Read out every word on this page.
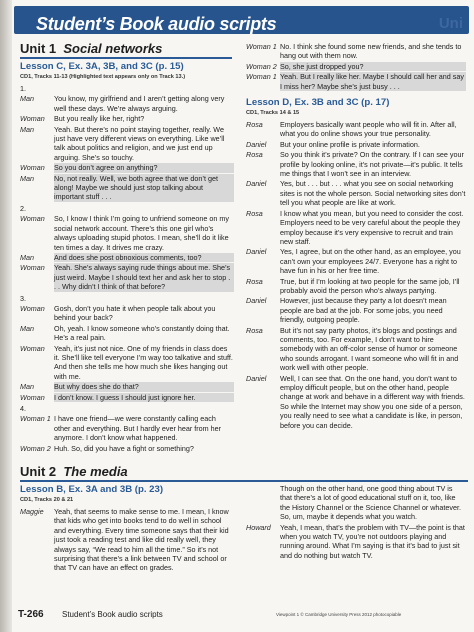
Student’s Book audio scripts	Uni
Unit 1 Social networks
Lesson C, Ex. 3A, 3B, and 3C (p. 15)
CD1, Tracks 11-13 (Highlighted text appears only on Track 13.)
1.
Man	You know, my girlfriend and I aren’t getting along very well these days. We’re always arguing.
Woman	But you really like her, right?
Man	Yeah. But there’s no point staying together, really. We just have very different views on everything. Like we’ll talk about politics and religion, and we just end up arguing. She’s so touchy.
Woman	So you don’t agree on anything?
Man	No, not really. Well, we both agree that we don’t get along! Maybe we should just stop talking about important stuff . . .
2.
Woman	So, I know I think I’m going to unfriend someone on my social network account. There’s this one girl who’s always uploading stupid photos. I mean, she’ll do it like ten times a day. It drives me crazy.
Man	And does she post obnoxious comments, too?
Woman	Yeah. She’s always saying rude things about me. She’s just weird. Maybe I should text her and ask her to stop . . . Why didn’t I think of that before?
3.
Woman	Gosh, don’t you hate it when people talk about you behind your back?
Man	Oh, yeah. I know someone who’s constantly doing that. He’s a real pain.
Woman	Yeah, it’s just not nice. One of my friends in class does it. She’ll like tell everyone I’m way too talkative and stuff. And then she tells me how much she likes hanging out with me.
Man	But why does she do that?
Woman	I don’t know. I guess I should just ignore her.
4.
Woman 1 I have one friend—we were constantly calling each other and everything. But I hardly ever hear from her anymore. I don’t know what happened.
Woman 2 Huh. So, did you have a fight or something?
Woman 1 No. I think she found some new friends, and she tends to hang out with them now.
Woman 2 So, she just dropped you?
Woman 1 Yeah. But I really like her. Maybe I should call her and say I miss her? Maybe she’s just busy . . .
Lesson D, Ex. 3B and 3C (p. 17)
CD1, Tracks 14 & 15
Rosa	Employers basically want people who will fit in. After all, what you do online shows your true personality.
Daniel	But your online profile is private information.
Rosa	So you think it’s private? On the contrary. If I can see your profile by looking online, it’s not private—it’s public. It tells me things that I won’t see in an interview.
Daniel	Yes, but . . . but . . . what you see on social networking sites is not the whole person. Social networking sites don’t tell you what people are like at work.
Rosa	I know what you mean, but you need to consider the cost. Employers need to be very careful about the people they employ because it’s very expensive to recruit and train new staff.
Daniel	Yes, I agree, but on the other hand, as an employee, you can’t own your employees 24/7. Everyone has a right to have fun in his or her free time.
Rosa	True, but if I’m looking at two people for the same job, I’ll probably avoid the person who’s always partying.
Daniel	However, just because they party a lot doesn’t mean people are bad at the job. For some jobs, you need friendly, outgoing people.
Rosa	But it’s not say party photos, it’s blogs and postings and comments, too. For example, I don’t want to hire somebody with an off-color sense of humor or someone who sounds arrogant. I want someone who will fit in and work well with other people.
Daniel	Well, I can see that. On the one hand, you don’t want to employ difficult people, but on the other hand, people change at work and behave in a different way with friends. So while the Internet may show you one side of a person, you really need to see what a candidate is like, in person, before you can decide.
Unit 2 The media
Lesson B, Ex. 3A and 3B (p. 23)
CD1, Tracks 20 & 21
Maggie	Yeah, that seems to make sense to me. I mean, I know that kids who get into books tend to do well in school and everything. Every time someone says that their kid just took a reading test and like did really well, they always say, “We read to him all the time.” So it’s not surprising that there’s a link between TV and school or that TV can have an effect on grades.
Though on the other hand, one good thing about TV is that there’s a lot of good educational stuff on it, too, like the History Channel or the Science Channel or whatever. So, um, maybe it depends what you watch.
Howard	Yeah, I mean, that’s the problem with TV—the point is that when you watch TV, you’re not outdoors playing and running around. What I’m saying is that it’s bad to just sit and do nothing but watch TV.
T-266 Student’s Book audio scripts	Viewpoint 1 © Cambridge University Press 2012 photocopiable
